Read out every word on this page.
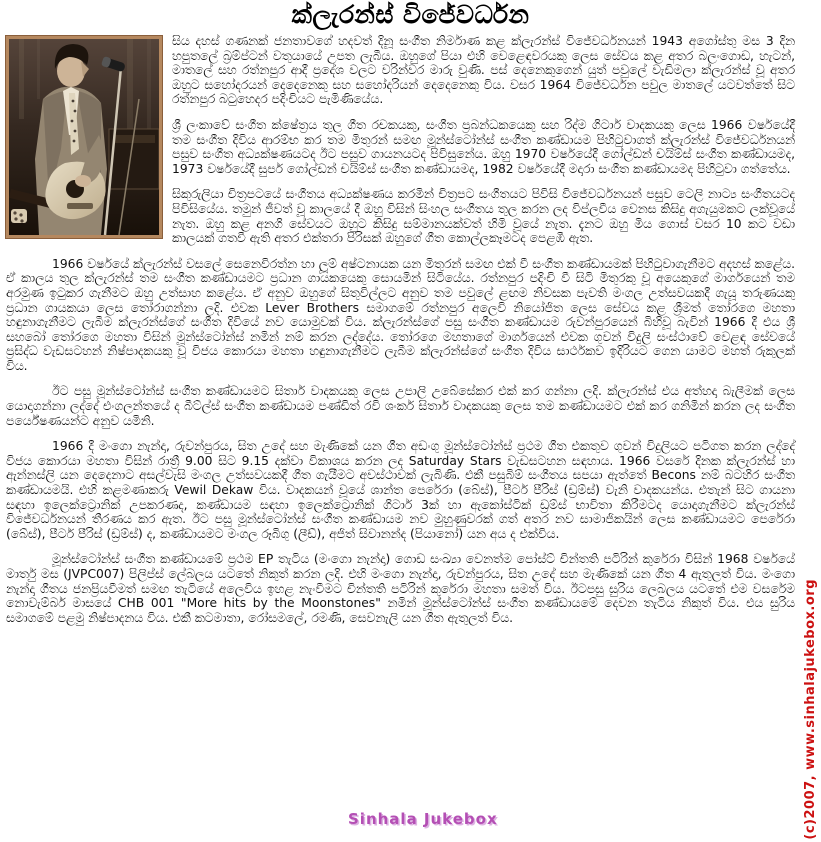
ක්ලැරන්ස් විජේවර්ධන

සිය දහස් ගණනක් ජනතාවගේ හදවත් දිනූ සංගීත නිර්මාණ කළ ක්ලැරන්ස් විජේවර්ධනයන් 1943 අගෝස්තු මස 3 දින හපුතලේ බ්‍රම්ප්ටන් වතුයායේ උපත ලැබීය. ඔහුගේ පියා එහි වෙළෙඳවරයකු ලෙස සේවය කළ අතර බලංගොඩ, හැටන්, මාතලේ සහ රත්නපුර ආදී ප්‍රදේශ වලට වරින්වර මාරු වුණි. පස් දෙනෙකුගෙන් යුත් පවුලේ වැඩිමලා ක්ලැරන්ස් වූ අතර ඔහුට සහෝදරයන් දෙදෙනෙකු සහ සහෝදරියන් දෙදෙනෙකු විය. වසර 1964 විජේවර්ධන පවුල මාතලේ යටවත්තේ සිට රත්නපුර බටුහෙදර පදිංචියට පැමිණියේය.

ශ්‍රී ලංකාවේ සංගීත ක්ෂේත්‍රය තුල ගීත රචකයකු, සංගීත ප්‍රබන්ධකයෙකු සහ රිද්ම ගිටාර් වාදකයකු ලෙස 1966 වර්ෂයේදී තම සංගීත දිවිය ආරම්භ කර තම මිතුරන් සමඟ මූන්ස්ටෝන්ස් සංගීත කණ්ඩායම පිහිටුවාගත් ක්ලැරන්ස් විජේවර්ධනයන් පසුව සංගීත අධ්‍යක්ෂණයටද ඊට පසුව ගායනයටද පිවිසුනේය. ඔහු 1970 වර්ෂයේදී ගෝල්ඩන් චයිම්ස් සංගීත කණ්ඩායමද, 1973 වර්ෂයේදී සුපර් ගෝල්ඩන් චයිම්ස් සංගීත කණ්ඩායමද, 1982 වර්ෂයේදී මදාරා සංගීත කණ්ඩායමද පිහිටුවා ගත්තේය.

සිකුරුලියා චිත්‍රපටයේ සංගීතය අධ්‍යක්ෂණය කරමින් චිත්‍රපට සංගීතයට පිවිසි විජේවර්ධනයන් පසුව ටෙලි නාට්‍ය සංගීතයටද පිවිසියේය. තමුන් ජීවත් වූ කාලයේ දී ඔහු විසින් සිංහල සංගීතය තුල කරන ලද විප්ලවීය වෙනස කිසිදු අගැයුමකට ලක්වූයේ නැත. ඔහු කළ අනගි සේවයට ඔහුට කිසිදු සම්මානයක්වත් හිමි වූයේ නැත. දැනට ඔහු මිය ගොස් වසර 10 කට වඩා කාලයක් ගතවී ඇති අතර එක්තරා පිරිසක් ඔහුගේ ගීත කොල්ලකෑමටද පෙළඹී ඇත.

1966 වර්ෂයේ ක්ලැරන්ස් වසලේ සෙනෙවිරත්න හා ලූම් අෂ්ටනායක යන මිතුරන් සමඟ එක් වී සංගීත කණ්ඩායමක් පිහිටුවාගැනීමට අදහස් කළේය. ඒ කාලය තුල ක්ලැරන්ස් තම සංගීත කණ්ඩායමට ප්‍රධාන ගායකයෙකු සොයමින් සිටියේය. රත්නපුර පදිංචි වී සිටි මිතුරකු වූ අයෙකුගේ මාර්ගයෙන් තම අරමුණ ඉටුකර ගැනීමට ඔහු උත්සාහ කළේය. ඒ අනුව ඔහුගේ සිතුවිල්ලට අනුව තම පවුලේ ළඟම නිවසක පැවති මංගල උත්සවයකදී ගැයූ තරුණයකු ප්‍රධාන ගායකයා ලෙස තෝරාගන්නා ලදි. එවක Lever Brothers සමාගමේ රත්නපුර අලෙවි නියෝජිත ලෙස සේවය කළ ශ්‍රීමත් තෝරගෙ මහතා හඳුනාගැනීමට ලැබීම ක්ලැරන්ස්ගේ සංගීත දිවියේ නව යොමුවක් විය. ක්ලැරන්ස්ගේ පසු සංගීත කණ්ඩායම රුවන්පුරයෙන් බිහිවූ බැවින් 1966 දී එය ශ්‍රී සහබෝ තෝරගෙ මහතා විසින් මූන්ස්ටෝන්ස් නමින් නම් කරන ලද්දේය. තෝරගෙ මහතාගේ මාර්ගයෙන් එවක ගුවන් විදුලි සංස්ථාවේ වෙළඳ සේවයේ ප්‍රසිද්ධ වැඩසටහන් නිෂ්පාදකයකු වූ විජය කොරයා මහතා හඳුනාගැනීමට ලැබීම ක්ලැරන්ස්ගේ සංගීත දිවිය සාර්ථකව ඉදිරියට ගෙන යාමට මහත් රුකුලක් විය.

ඊට පසු මූන්ස්ටෝන්ස් සංගීත කණ්ඩායමට සිතාර් වාදකයකු ලෙස උපාලි උබේසේකර එක් කර ගන්නා ලදි. ක්ලැරන්ස් එය අත්හදා බැලීමක් ලෙස යොදාගන්නා ලද්දේ එංගලන්තයේ ද බීට්ල්ස් සංගීත කණ්ඩායම පණ්ඩිත් රවි ශංකර් සිතාර් වාදකයකු ලෙස තම කණ්ඩායමට එක් කර ගනිමින් කරන ලද සංගීත පර්යේෂණයන්ට අනුව යමිනි.

1966 දී මංගො නැන්දා, රුවන්පුරය, සිත උදේ සහ මැණිකේ යන ගීත අඩංගු මූන්ස්ටෝන්ස් ප්‍රථම ගීත එකතුව ගුවන් විදුලියට පටිගත කරන ලද්දේ විජය කොරයා මහතා විසින් රාත්‍රී 9.00 සිට 9.15 දක්වා විකාශය කරන ලද Saturday Stars වැඩසටහන සඳහාය. 1966 වසරේ දිනක ක්ලැරන්ස් හා ඇන්නස්ලි යන දෙදෙනාට අසල්වැසි මංගල උත්සවයකදී ගීත ගැයීමට අවස්ථාවක් ලැබිණි. එකී පසුබිම් සංගීතය සපයා ඇත්තේ Becons නම් බටහිර සංගීත කණ්ඩායමයි. එහි කළමණාකරු Vewil Dekaw විය. වාදකයන් වූයේ ශාන්ත පෙරේරා (බේස්), පීටර් පීරිස් (ඩ්‍රම්ස්) වැනි වාදකයන්ය. එතැන් සිට ගායනා සඳහා ඉලෙක්ට්‍රොනික් උපකරණද, කණ්ඩායම සඳහා ඉලෙක්ට්‍රොනික් ගිටාර් 3ක් හා ඇකෝස්ටික් ඩ්‍රම්ස් භාවිතා කිරීමටද යොදාගැනීමට ක්ලැරන්ස් විජේවර්ධනයන් තීරණය කර ඇත. ඊට පසු මූන්ස්ටෝන්ස් සංගීත කණ්ඩායම නව මුහුණුවරක් ගත් අතර නව සාමාජිකයින් ලෙස කණ්ඩායමට පෙරේරා (බේස්), පීටර් පීරිස් (ඩ්‍රම්ස්) ද, කණ්ඩායමට මංගල රූබිගු (ලීඩ්), අජිත් සිවානන්ද (පියානෝ) යන අය ද එක්විය.

මූන්ස්ටෝන්ස් සංගීත කණ්ඩායමේ ප්‍රථම EP තැටිය (මංගො නැන්දා) ගොඩ සංඛ්‍යා වෙනත්ම පෝස්ට් චින්තති පටිරින් කුරේරා විසින් 1968 වර්ෂයේ මාර්තු මස (JVPC007) පිලිප්ස් ලේබලය යටතේ නිකුත් කරන ලදි. එහි මංගො නැන්දා, රුවන්පුරය, සිත උදේ සහ මැණිකේ යන ගීත 4 ඇතුලත් විය. මංගො නැන්දා ගීතය ජනප්‍රියවීමත් සමඟ තැටියේ අලෙවිය ඉහළ නැංවීමට චින්තති පටිරින් කුරේරා මහතා සමත් විය. ඊටපසු සුරිය ලෙබලය යටතේ එම වසරේම නොවැම්බර් මාසයේ CHB 001 "More hits by the Moonstones" නමින් මූන්ස්ටෝන්ස් සංගීත කණ්ඩායමේ දෙවන තැටිය නිකුත් විය. එය සුරිය සමාගමේ පළමු නිෂ්පාදනය විය. එකී කටමාතා, රෝසමලේ, රමණි, සෙවනැලි යන ගීත ඇතුලත් විය.

Sinhala Jukebox	(c)2007, www.sinhalajukebox.org
